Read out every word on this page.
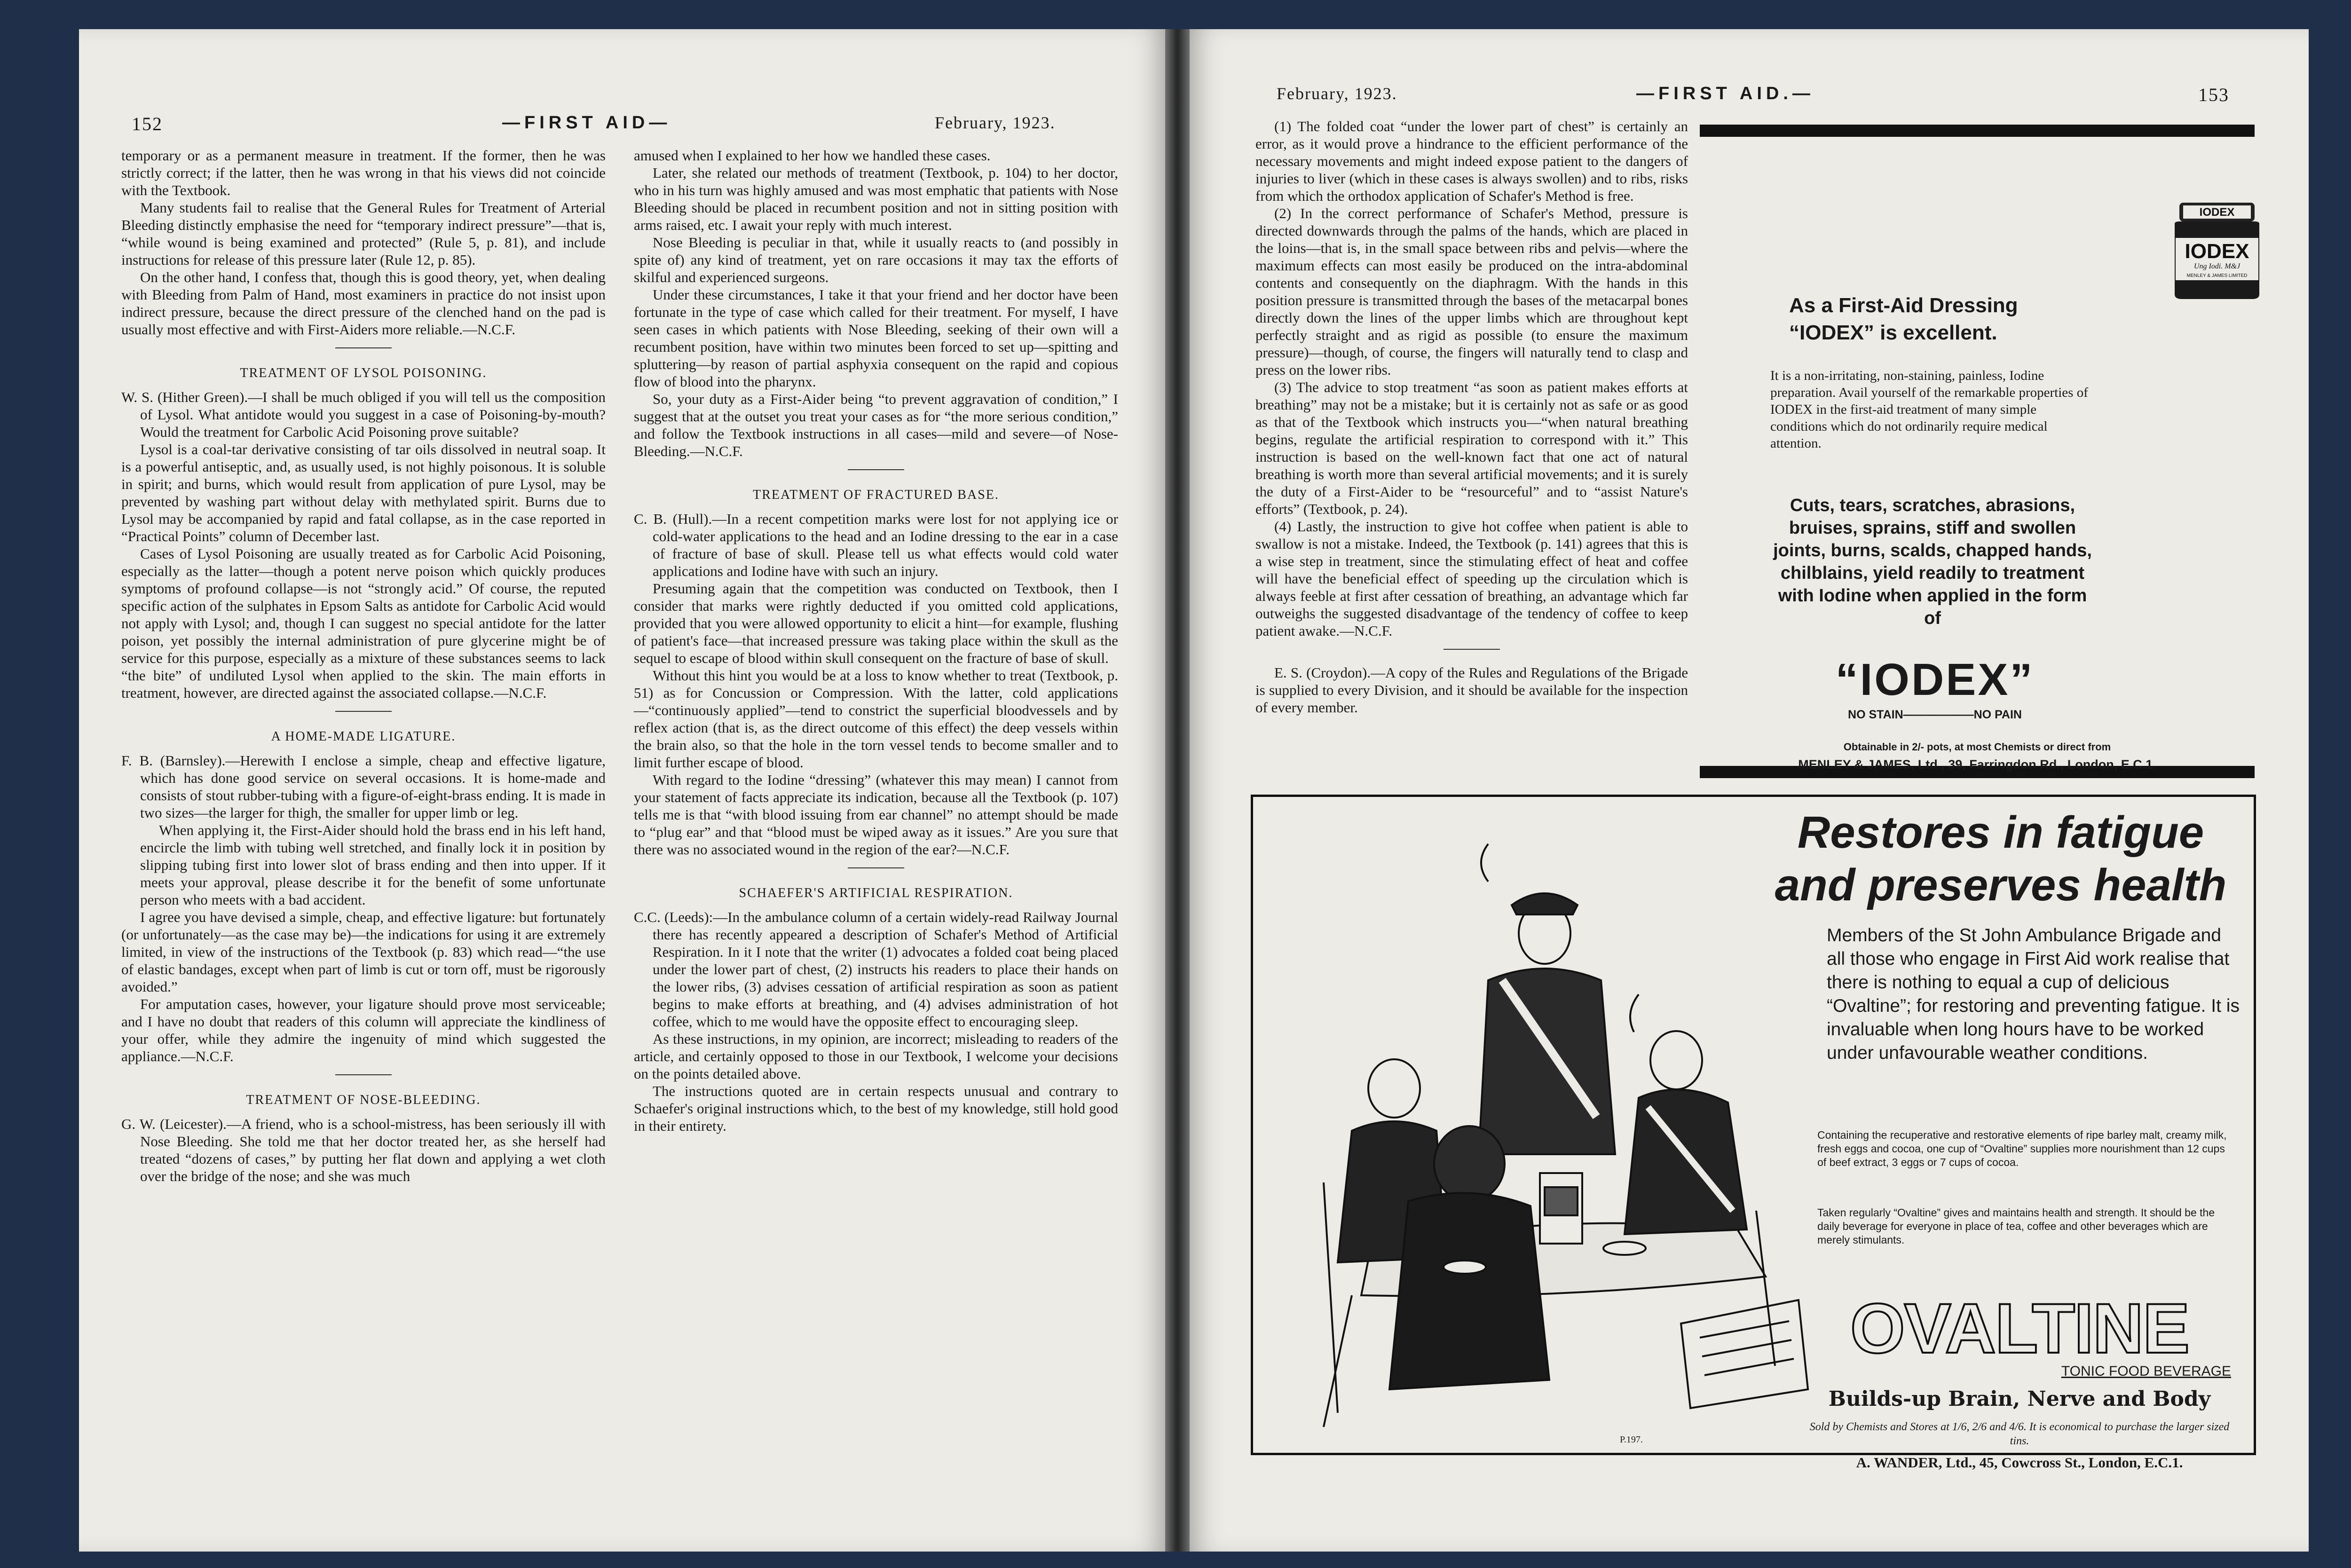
152	—FIRST AID—	February, 1923.

temporary or as a permanent measure in treatment. If the former, then he was strictly correct; if the latter, then he was wrong in that his views did not coincide with the Textbook.

Many students fail to realise that the General Rules for Treatment of Arterial Bleeding distinctly emphasise the need for “temporary indirect pressure”—that is, “while wound is being examined and protected” (Rule 5, p. 81), and include instructions for release of this pressure later (Rule 12, p. 85).

On the other hand, I confess that, though this is good theory, yet, when dealing with Bleeding from Palm of Hand, most examiners in practice do not insist upon indirect pressure, because the direct pressure of the clenched hand on the pad is usually most effective and with First-Aiders more reliable.—N.C.F.

TREATMENT OF LYSOL POISONING.

W. S. (Hither Green).—I shall be much obliged if you will tell us the composition of Lysol. What antidote would you suggest in a case of Poisoning-by-mouth? Would the treatment for Carbolic Acid Poisoning prove suitable?

Lysol is a coal-tar derivative consisting of tar oils dissolved in neutral soap. It is a powerful antiseptic, and, as usually used, is not highly poisonous. It is soluble in spirit; and burns, which would result from application of pure Lysol, may be prevented by washing part without delay with methylated spirit. Burns due to Lysol may be accompanied by rapid and fatal collapse, as in the case reported in “Practical Points” column of December last.

Cases of Lysol Poisoning are usually treated as for Carbolic Acid Poisoning, especially as the latter—though a potent nerve poison which quickly produces symptoms of profound collapse—is not “strongly acid.” Of course, the reputed specific action of the sulphates in Epsom Salts as antidote for Carbolic Acid would not apply with Lysol; and, though I can suggest no special antidote for the latter poison, yet possibly the internal administration of pure glycerine might be of service for this purpose, especially as a mixture of these substances seems to lack “the bite” of undiluted Lysol when applied to the skin. The main efforts in treatment, however, are directed against the associated collapse.—N.C.F.

A HOME-MADE LIGATURE.

F. B. (Barnsley).—Herewith I enclose a simple, cheap and effective ligature, which has done good service on several occasions. It is home-made and consists of stout rubber-tubing with a figure-of-eight-brass ending. It is made in two sizes—the larger for thigh, the smaller for upper limb or leg.

When applying it, the First-Aider should hold the brass end in his left hand, encircle the limb with tubing well stretched, and finally lock it in position by slipping tubing first into lower slot of brass ending and then into upper. If it meets your approval, please describe it for the benefit of some unfortunate person who meets with a bad accident.

I agree you have devised a simple, cheap, and effective ligature: but fortunately (or unfortunately—as the case may be)—the indications for using it are extremely limited, in view of the instructions of the Textbook (p. 83) which read—“the use of elastic bandages, except when part of limb is cut or torn off, must be rigorously avoided.”

For amputation cases, however, your ligature should prove most serviceable; and I have no doubt that readers of this column will appreciate the kindliness of your offer, while they admire the ingenuity of mind which suggested the appliance.—N.C.F.

TREATMENT OF NOSE-BLEEDING.

G. W. (Leicester).—A friend, who is a school-mistress, has been seriously ill with Nose Bleeding. She told me that her doctor treated her, as she herself had treated “dozens of cases,” by putting her flat down and applying a wet cloth over the bridge of the nose; and she was much

amused when I explained to her how we handled these cases.

Later, she related our methods of treatment (Textbook, p. 104) to her doctor, who in his turn was highly amused and was most emphatic that patients with Nose Bleeding should be placed in recumbent position and not in sitting position with arms raised, etc. I await your reply with much interest.

Nose Bleeding is peculiar in that, while it usually reacts to (and possibly in spite of) any kind of treatment, yet on rare occasions it may tax the efforts of skilful and experienced surgeons.

Under these circumstances, I take it that your friend and her doctor have been fortunate in the type of case which called for their treatment. For myself, I have seen cases in which patients with Nose Bleeding, seeking of their own will a recumbent position, have within two minutes been forced to set up—spitting and spluttering—by reason of partial asphyxia consequent on the rapid and copious flow of blood into the pharynx.

So, your duty as a First-Aider being “to prevent aggravation of condition,” I suggest that at the outset you treat your cases as for “the more serious condition,” and follow the Textbook instructions in all cases—mild and severe—of Nose-Bleeding.—N.C.F.

TREATMENT OF FRACTURED BASE.

C. B. (Hull).—In a recent competition marks were lost for not applying ice or cold-water applications to the head and an Iodine dressing to the ear in a case of fracture of base of skull. Please tell us what effects would cold water applications and Iodine have with such an injury.

Presuming again that the competition was conducted on Textbook, then I consider that marks were rightly deducted if you omitted cold applications, provided that you were allowed opportunity to elicit a hint—for example, flushing of patient's face—that increased pressure was taking place within the skull as the sequel to escape of blood within skull consequent on the fracture of base of skull.

Without this hint you would be at a loss to know whether to treat (Textbook, p. 51) as for Concussion or Compression. With the latter, cold applications—“continuously applied”—tend to constrict the superficial bloodvessels and by reflex action (that is, as the direct outcome of this effect) the deep vessels within the brain also, so that the hole in the torn vessel tends to become smaller and to limit further escape of blood.

With regard to the Iodine “dressing” (whatever this may mean) I cannot from your statement of facts appreciate its indication, because all the Textbook (p. 107) tells me is that “with blood issuing from ear channel” no attempt should be made to “plug ear” and that “blood must be wiped away as it issues.” Are you sure that there was no associated wound in the region of the ear?—N.C.F.

SCHAEFER'S ARTIFICIAL RESPIRATION.

C.C. (Leeds):—In the ambulance column of a certain widely-read Railway Journal there has recently appeared a description of Schafer's Method of Artificial Respiration. In it I note that the writer (1) advocates a folded coat being placed under the lower part of chest, (2) instructs his readers to place their hands on the lower ribs, (3) advises cessation of artificial respiration as soon as patient begins to make efforts at breathing, and (4) advises administration of hot coffee, which to me would have the opposite effect to encouraging sleep.

As these instructions, in my opinion, are incorrect; misleading to readers of the article, and certainly opposed to those in our Textbook, I welcome your decisions on the points detailed above.

The instructions quoted are in certain respects unusual and contrary to Schaefer's original instructions which, to the best of my knowledge, still hold good in their entirety.

February, 1923.	—FIRST AID.—	153

(1) The folded coat “under the lower part of chest” is certainly an error, as it would prove a hindrance to the efficient performance of the necessary movements and might indeed expose patient to the dangers of injuries to liver (which in these cases is always swollen) and to ribs, risks from which the orthodox application of Schafer's Method is free.

(2) In the correct performance of Schafer's Method, pressure is directed downwards through the palms of the hands, which are placed in the loins—that is, in the small space between ribs and pelvis—where the maximum effects can most easily be produced on the intra-abdominal contents and consequently on the diaphragm. With the hands in this position pressure is transmitted through the bases of the metacarpal bones directly down the lines of the upper limbs which are throughout kept perfectly straight and as rigid as possible (to ensure the maximum pressure)—though, of course, the fingers will naturally tend to clasp and press on the lower ribs.

(3) The advice to stop treatment “as soon as patient makes efforts at breathing” may not be a mistake; but it is certainly not as safe or as good as that of the Textbook which instructs you—“when natural breathing begins, regulate the artificial respiration to correspond with it.” This instruction is based on the well-known fact that one act of natural breathing is worth more than several artificial movements; and it is surely the duty of a First-Aider to be “resourceful” and to “assist Nature's efforts” (Textbook, p. 24).

(4) Lastly, the instruction to give hot coffee when patient is able to swallow is not a mistake. Indeed, the Textbook (p. 141) agrees that this is a wise step in treatment, since the stimulating effect of heat and coffee will have the beneficial effect of speeding up the circulation which is always feeble at first after cessation of breathing, an advantage which far outweighs the suggested disadvantage of the tendency of coffee to keep patient awake.—N.C.F.

E. S. (Croydon).—A copy of the Rules and Regulations of the Brigade is supplied to every Division, and it should be available for the inspection of every member.

IODEX
IODEX
Ung Iodi. M&J
MENLEY & JAMES LIMITED
As a First-Aid Dressing “IODEX” is excellent.
It is a non-irritating, non-staining, painless, Iodine preparation. Avail yourself of the remarkable properties of IODEX in the first-aid treatment of many simple conditions which do not ordinarily require medical attention.
Cuts, tears, scratches, abrasions, bruises, sprains, stiff and swollen joints, burns, scalds, chapped hands, chilblains, yield readily to treatment with Iodine when applied in the form of
“IODEX”
NO STAIN——————NO PAIN
Obtainable in 2/- pots, at most Chemists or direct from
MENLEY & JAMES, Ltd., 39, Farringdon Rd., London, E.C.1.
Restores in fatigue and preserves health
Members of the St John Ambulance Brigade and all those who engage in First Aid work realise that there is nothing to equal a cup of delicious “Ovaltine”; for restoring and preventing fatigue. It is invaluable when long hours have to be worked under unfavourable weather conditions.
Containing the recuperative and restorative elements of ripe barley malt, creamy milk, fresh eggs and cocoa, one cup of “Ovaltine” supplies more nourishment than 12 cups of beef extract, 3 eggs or 7 cups of cocoa.
Taken regularly “Ovaltine” gives and maintains health and strength. It should be the daily beverage for everyone in place of tea, coffee and other beverages which are merely stimulants.
OVALTINE
TONIC FOOD BEVERAGE
Builds-up Brain, Nerve and Body
Sold by Chemists and Stores at 1/6, 2/6 and 4/6. It is economical to purchase the larger sized tins.
A. WANDER, Ltd., 45, Cowcross St., London, E.C.1.
P.197.
